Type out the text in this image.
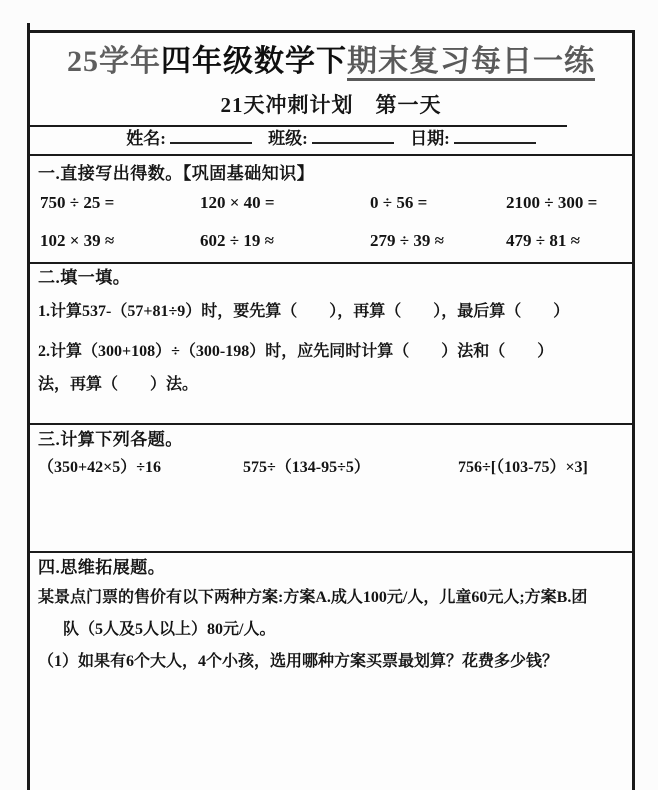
25学年四年级数学下期末复习每日一练
21天冲刺计划　第一天
姓名:	班级:	日期:
一.直接写出得数。【巩固基础知识】
750 ÷ 25 =	120 × 40 =	0 ÷ 56 =	2100 ÷ 300 =
102 × 39 ≈	602 ÷ 19 ≈	279 ÷ 39 ≈	479 ÷ 81 ≈
二.填一填。
1.计算537-（57+81÷9）时，要先算（　　），再算（　　），最后算（　　）
2.计算（300+108）÷（300-198）时，应先同时计算（　　）法和（　　）
法，再算（　　）法。
三.计算下列各题。
（350+42×5）÷16	575÷（134-95÷5）	756÷[（103-75）×3]
四.思维拓展题。
某景点门票的售价有以下两种方案:方案A.成人100元/人，儿童60元人;方案B.团
队（5人及5人以上）80元/人。
（1）如果有6个大人，4个小孩，选用哪种方案买票最划算？花费多少钱？
